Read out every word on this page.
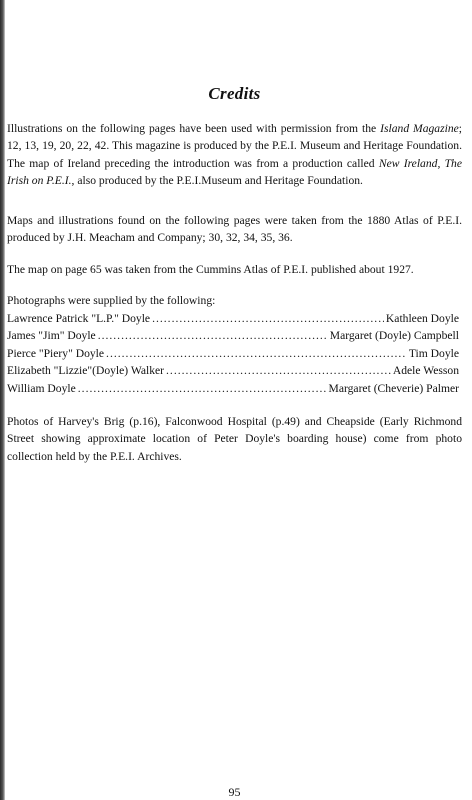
Credits

Illustrations on the following pages have been used with permission from the Island Magazine; 12, 13, 19, 20, 22, 42. This magazine is produced by the P.E.I. Museum and Heritage Foundation. The map of Ireland preceding the introduction was from a production called New Ireland, The Irish on P.E.I., also produced by the P.E.I.Museum and Heritage Foundation.

Maps and illustrations found on the following pages were taken from the 1880 Atlas of P.E.I. produced by J.H. Meacham and Company; 30, 32, 34, 35, 36.

The map on page 65 was taken from the Cummins Atlas of P.E.I. published about 1927.

Photographs were supplied by the following:

Lawrence Patrick "L.P." Doyle .....	Kathleen Doyle
James "Jim" Doyle .....	Margaret (Doyle) Campbell
Pierce "Piery" Doyle .....	Tim Doyle
Elizabeth "Lizzie"(Doyle) Walker .....	Adele Wesson
William Doyle .....	Margaret (Cheverie) Palmer

Photos of Harvey's Brig (p.16), Falconwood Hospital (p.49) and Cheapside (Early Richmond Street showing approximate location of Peter Doyle's boarding house) come from photo collection held by the P.E.I. Archives.

95
